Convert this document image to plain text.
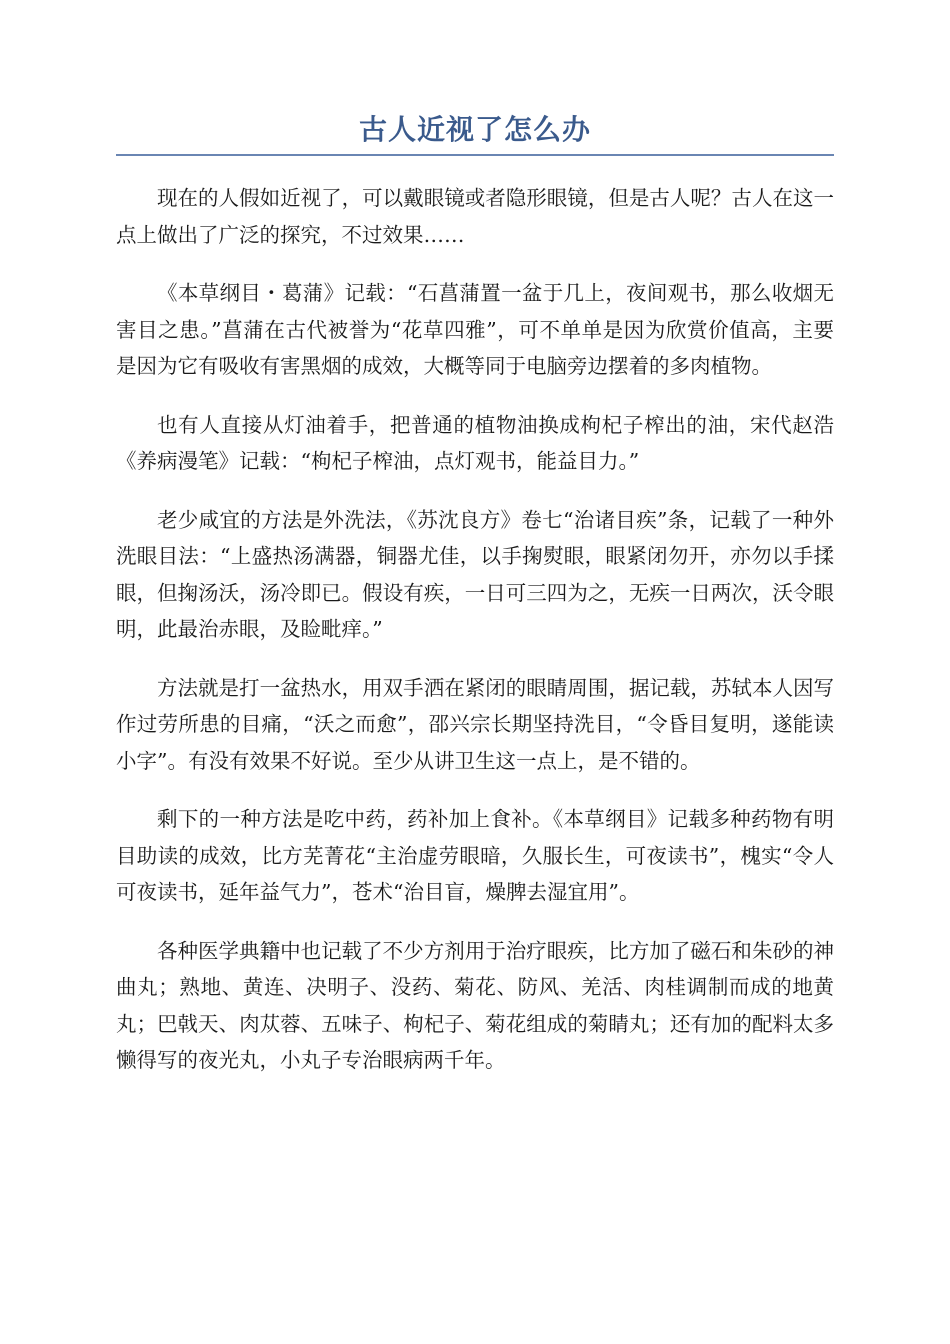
古人近视了怎么办

现在的人假如近视了，可以戴眼镜或者隐形眼镜，但是古人呢？古人在这一点上做出了广泛的探究，不过效果……

《本草纲目・葛蒲》记载：“石菖蒲置一盆于几上，夜间观书，那么收烟无害目之患。”菖蒲在古代被誉为“花草四雅”，可不单单是因为欣赏价值高，主要是因为它有吸收有害黑烟的成效，大概等同于电脑旁边摆着的多肉植物。

也有人直接从灯油着手，把普通的植物油换成枸杞子榨出的油，宋代赵浩《养病漫笔》记载：“枸杞子榨油，点灯观书，能益目力。”

老少咸宜的方法是外洗法，《苏沈良方》卷七“治诸目疾”条，记载了一种外洗眼目法：“上盛热汤满器，铜器尤佳，以手掬熨眼，眼紧闭勿开，亦勿以手揉眼，但掬汤沃，汤冷即已。假设有疾，一日可三四为之，无疾一日两次，沃令眼明，此最治赤眼，及睑毗痒。”

方法就是打一盆热水，用双手洒在紧闭的眼睛周围，据记载，苏轼本人因写作过劳所患的目痛，“沃之而愈”，邵兴宗长期坚持洗目，“令昏目复明，遂能读小字”。有没有效果不好说。至少从讲卫生这一点上，是不错的。

剩下的一种方法是吃中药，药补加上食补。《本草纲目》记载多种药物有明目助读的成效，比方芜菁花“主治虚劳眼暗，久服长生，可夜读书”，槐实“令人可夜读书，延年益气力”，苍术“治目盲，燥脾去湿宜用”。

各种医学典籍中也记载了不少方剂用于治疗眼疾，比方加了磁石和朱砂的神曲丸；熟地、黄连、决明子、没药、菊花、防风、羌活、肉桂调制而成的地黄丸；巴戟天、肉苁蓉、五味子、枸杞子、菊花组成的菊睛丸；还有加的配料太多懒得写的夜光丸，小丸子专治眼病两千年。
